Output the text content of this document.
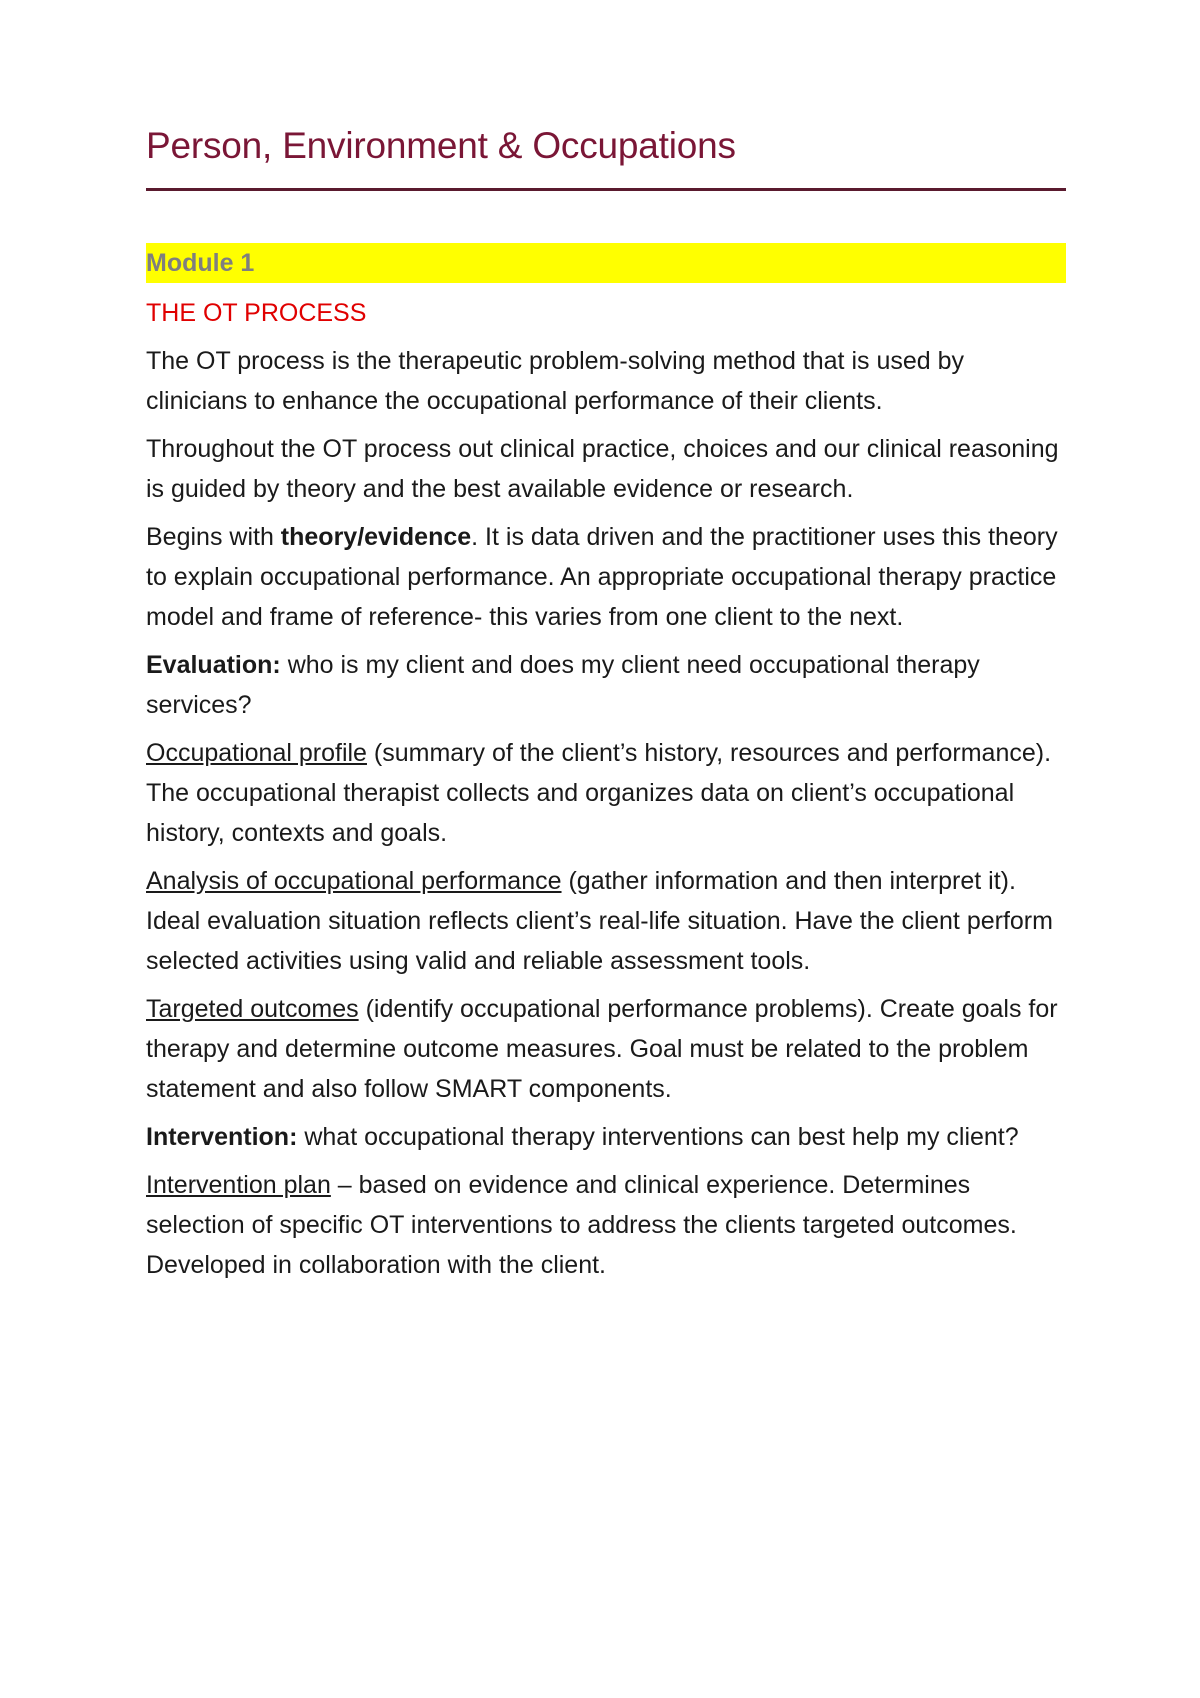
Person, Environment & Occupations
Module 1
THE OT PROCESS

The OT process is the therapeutic problem-solving method that is used by clinicians to enhance the occupational performance of their clients.

Throughout the OT process out clinical practice, choices and our clinical reasoning is guided by theory and the best available evidence or research.

Begins with theory/evidence. It is data driven and the practitioner uses this theory to explain occupational performance. An appropriate occupational therapy practice model and frame of reference- this varies from one client to the next.

Evaluation: who is my client and does my client need occupational therapy services?

Occupational profile (summary of the client’s history, resources and performance). The occupational therapist collects and organizes data on client’s occupational history, contexts and goals.

Analysis of occupational performance (gather information and then interpret it). Ideal evaluation situation reflects client’s real-life situation. Have the client perform selected activities using valid and reliable assessment tools.

Targeted outcomes (identify occupational performance problems). Create goals for therapy and determine outcome measures. Goal must be related to the problem statement and also follow SMART components.

Intervention: what occupational therapy interventions can best help my client?

Intervention plan – based on evidence and clinical experience. Determines selection of specific OT interventions to address the clients targeted outcomes. Developed in collaboration with the client.
